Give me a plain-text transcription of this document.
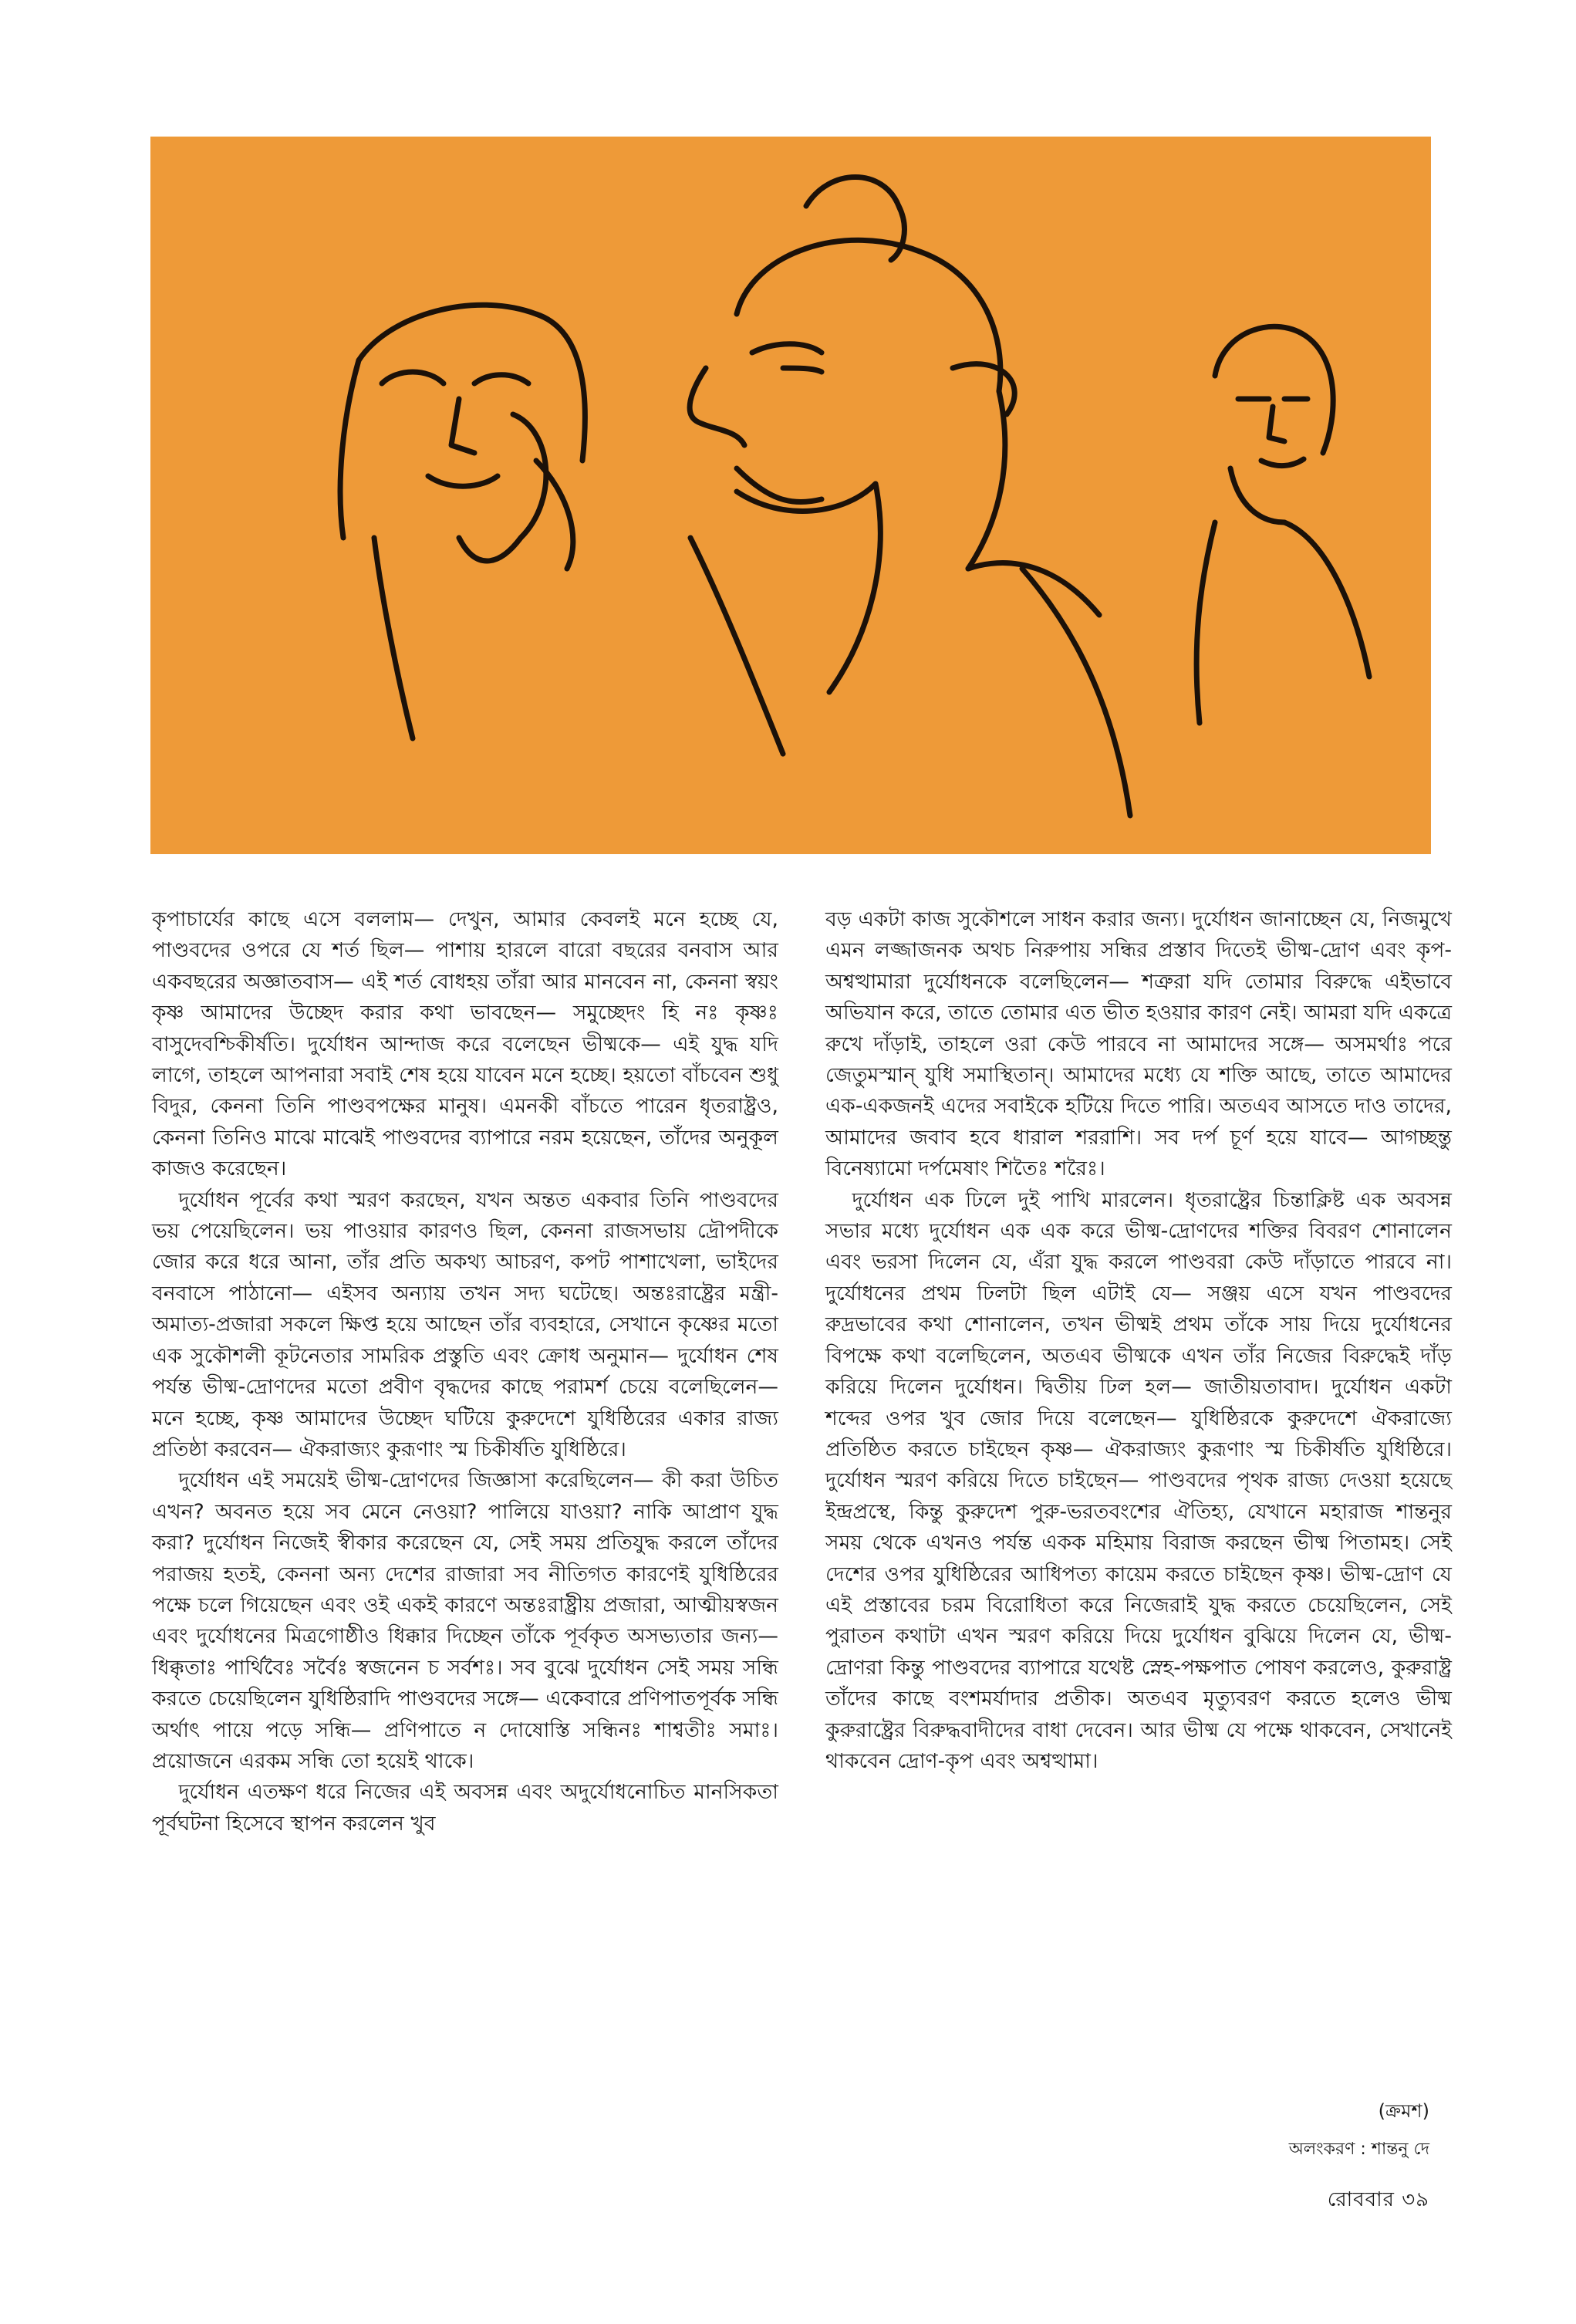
কৃপাচার্যের কাছে এসে বললাম— দেখুন, আমার কেবলই মনে হচ্ছে যে, পাণ্ডবদের ওপরে যে শর্ত ছিল— পাশায় হারলে বারো বছরের বনবাস আর একবছরের অজ্ঞাতবাস— এই শর্ত বোধহয় তাঁরা আর মানবেন না, কেননা স্বয়ং কৃষ্ণ আমাদের উচ্ছেদ করার কথা ভাবছেন— সমুচ্ছেদং হি নঃ কৃষ্ণঃ বাসুদেবশ্চিকীর্ষতি। দুর্যোধন আন্দাজ করে বলেছেন ভীষ্মকে— এই যুদ্ধ যদি লাগে, তাহলে আপনারা সবাই শেষ হয়ে যাবেন মনে হচ্ছে। হয়তো বাঁচবেন শুধু বিদুর, কেননা তিনি পাণ্ডবপক্ষের মানুষ। এমনকী বাঁচতে পারেন ধৃতরাষ্ট্রও, কেননা তিনিও মাঝে মাঝেই পাণ্ডবদের ব্যাপারে নরম হয়েছেন, তাঁদের অনুকূল কাজও করেছেন।

দুর্যোধন পূর্বের কথা স্মরণ করছেন, যখন অন্তত একবার তিনি পাণ্ডবদের ভয় পেয়েছিলেন। ভয় পাওয়ার কারণও ছিল, কেননা রাজসভায় দ্রৌপদীকে জোর করে ধরে আনা, তাঁর প্রতি অকথ্য আচরণ, কপট পাশাখেলা, ভাইদের বনবাসে পাঠানো— এইসব অন্যায় তখন সদ্য ঘটেছে। অন্তঃরাষ্ট্রের মন্ত্রী-অমাত্য-প্রজারা সকলে ক্ষিপ্ত হয়ে আছেন তাঁর ব্যবহারে, সেখানে কৃষ্ণের মতো এক সুকৌশলী কূটনেতার সামরিক প্রস্তুতি এবং ক্রোধ অনুমান— দুর্যোধন শেষ পর্যন্ত ভীষ্ম-দ্রোণদের মতো প্রবীণ বৃদ্ধদের কাছে পরামর্শ চেয়ে বলেছিলেন— মনে হচ্ছে, কৃষ্ণ আমাদের উচ্ছেদ ঘটিয়ে কুরুদেশে যুধিষ্ঠিরের একার রাজ্য প্রতিষ্ঠা করবেন— ঐকরাজ্যং কুরূণাং স্ম চিকীর্ষতি যুধিষ্ঠিরে।

দুর্যোধন এই সময়েই ভীষ্ম-দ্রোণদের জিজ্ঞাসা করেছিলেন— কী করা উচিত এখন? অবনত হয়ে সব মেনে নেওয়া? পালিয়ে যাওয়া? নাকি আপ্রাণ যুদ্ধ করা? দুর্যোধন নিজেই স্বীকার করেছেন যে, সেই সময় প্রতিযুদ্ধ করলে তাঁদের পরাজয় হতই, কেননা অন্য দেশের রাজারা সব নীতিগত কারণেই যুধিষ্ঠিরের পক্ষে চলে গিয়েছেন এবং ওই একই কারণে অন্তঃরাষ্ট্রীয় প্রজারা, আত্মীয়স্বজন এবং দুর্যোধনের মিত্রগোষ্ঠীও ধিক্কার দিচ্ছেন তাঁকে পূর্বকৃত অসভ্যতার জন্য— ধিক্কৃতাঃ পার্থিবৈঃ সর্বৈঃ স্বজনেন চ সর্বশঃ। সব বুঝে দুর্যোধন সেই সময় সন্ধি করতে চেয়েছিলেন যুধিষ্ঠিরাদি পাণ্ডবদের সঙ্গে— একেবারে প্রণিপাতপূর্বক সন্ধি অর্থাৎ পায়ে পড়ে সন্ধি— প্রণিপাতে ন দোষোস্তি সন্ধিনঃ শাশ্বতীঃ সমাঃ। প্রয়োজনে এরকম সন্ধি তো হয়েই থাকে।

দুর্যোধন এতক্ষণ ধরে নিজের এই অবসন্ন এবং অদুর্যোধনোচিত মানসিকতা পূর্বঘটনা হিসেবে স্থাপন করলেন খুব

বড় একটা কাজ সুকৌশলে সাধন করার জন্য। দুর্যোধন জানাচ্ছেন যে, নিজমুখে এমন লজ্জাজনক অথচ নিরুপায় সন্ধির প্রস্তাব দিতেই ভীষ্ম-দ্রোণ এবং কৃপ-অশ্বত্থামারা দুর্যোধনকে বলেছিলেন— শত্রুরা যদি তোমার বিরুদ্ধে এইভাবে অভিযান করে, তাতে তোমার এত ভীত হওয়ার কারণ নেই। আমরা যদি একত্রে রুখে দাঁড়াই, তাহলে ওরা কেউ পারবে না আমাদের সঙ্গে— অসমর্থাঃ পরে জেতুমস্মান্ যুধি সমাস্থিতান্। আমাদের মধ্যে যে শক্তি আছে, তাতে আমাদের এক-একজনই এদের সবাইকে হটিয়ে দিতে পারি। অতএব আসতে দাও তাদের, আমাদের জবাব হবে ধারাল শররাশি। সব দর্প চূর্ণ হয়ে যাবে— আগচ্ছন্তু বিনেষ্যামো দর্পমেষাং শিতৈঃ শরৈঃ।

দুর্যোধন এক ঢিলে দুই পাখি মারলেন। ধৃতরাষ্ট্রের চিন্তাক্লিষ্ট এক অবসন্ন সভার মধ্যে দুর্যোধন এক এক করে ভীষ্ম-দ্রোণদের শক্তির বিবরণ শোনালেন এবং ভরসা দিলেন যে, এঁরা যুদ্ধ করলে পাণ্ডবরা কেউ দাঁড়াতে পারবে না। দুর্যোধনের প্রথম ঢিলটা ছিল এটাই যে— সঞ্জয় এসে যখন পাণ্ডবদের রুদ্রভাবের কথা শোনালেন, তখন ভীষ্মই প্রথম তাঁকে সায় দিয়ে দুর্যোধনের বিপক্ষে কথা বলেছিলেন, অতএব ভীষ্মকে এখন তাঁর নিজের বিরুদ্ধেই দাঁড় করিয়ে দিলেন দুর্যোধন। দ্বিতীয় ঢিল হল— জাতীয়তাবাদ। দুর্যোধন একটা শব্দের ওপর খুব জোর দিয়ে বলেছেন— যুধিষ্ঠিরকে কুরুদেশে ঐকরাজ্যে প্রতিষ্ঠিত করতে চাইছেন কৃষ্ণ— ঐকরাজ্যং কুরূণাং স্ম চিকীর্ষতি যুধিষ্ঠিরে। দুর্যোধন স্মরণ করিয়ে দিতে চাইছেন— পাণ্ডবদের পৃথক রাজ্য দেওয়া হয়েছে ইন্দ্রপ্রস্থে, কিন্তু কুরুদেশ পুরু-ভরতবংশের ঐতিহ্য, যেখানে মহারাজ শান্তনুর সময় থেকে এখনও পর্যন্ত একক মহিমায় বিরাজ করছেন ভীষ্ম পিতামহ। সেই দেশের ওপর যুধিষ্ঠিরের আধিপত্য কায়েম করতে চাইছেন কৃষ্ণ। ভীষ্ম-দ্রোণ যে এই প্রস্তাবের চরম বিরোধিতা করে নিজেরাই যুদ্ধ করতে চেয়েছিলেন, সেই পুরাতন কথাটা এখন স্মরণ করিয়ে দিয়ে দুর্যোধন বুঝিয়ে দিলেন যে, ভীষ্ম-দ্রোণরা কিন্তু পাণ্ডবদের ব্যাপারে যথেষ্ট স্নেহ-পক্ষপাত পোষণ করলেও, কুরুরাষ্ট্র তাঁদের কাছে বংশমর্যাদার প্রতীক। অতএব মৃত্যুবরণ করতে হলেও ভীষ্ম কুরুরাষ্ট্রের বিরুদ্ধবাদীদের বাধা দেবেন। আর ভীষ্ম যে পক্ষে থাকবেন, সেখানেই থাকবেন দ্রোণ-কৃপ এবং অশ্বত্থামা।

(ক্রমশ)
অলংকরণ : শান্তনু দে
রোববার ৩৯
